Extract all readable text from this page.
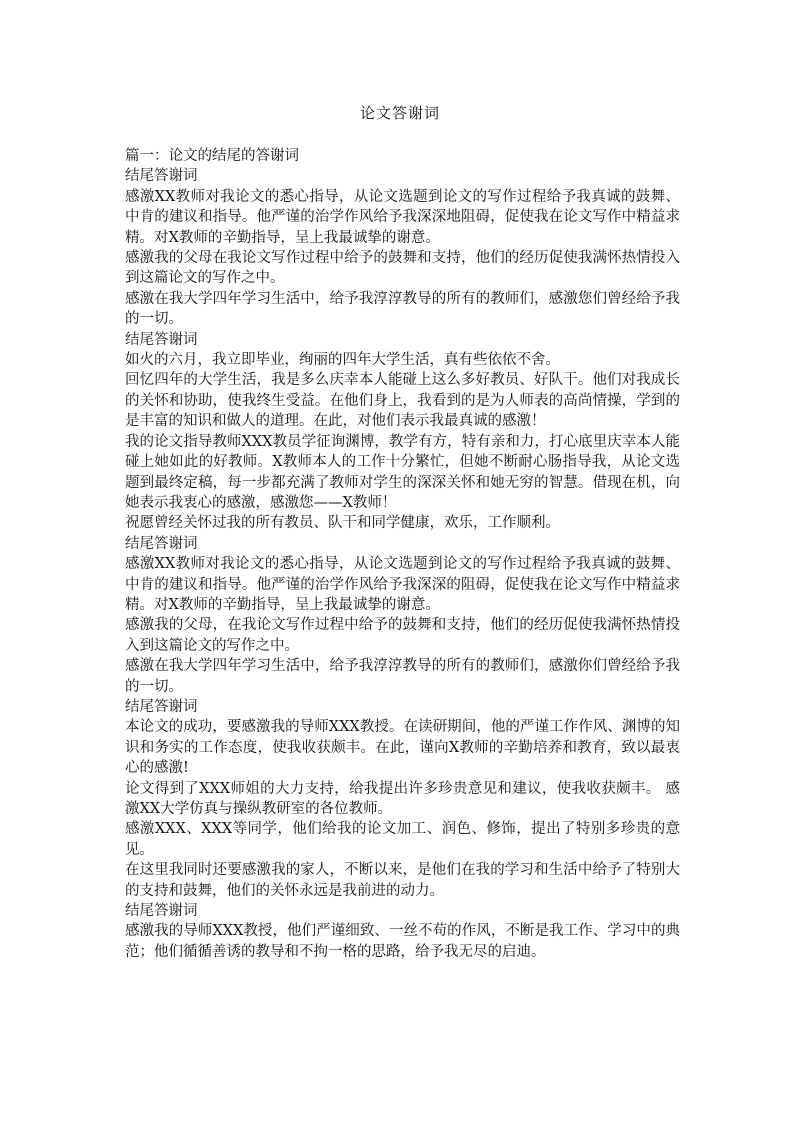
论文答谢词

篇一：论文的结尾的答谢词

结尾答谢词

感激XX教师对我论文的悉心指导，从论文选题到论文的写作过程给予我真诚的鼓舞、中肯的建议和指导。他严谨的治学作风给予我深深地阻碍，促使我在论文写作中精益求精。对X教师的辛勤指导，呈上我最诚挚的谢意。

感激我的父母在我论文写作过程中给予的鼓舞和支持，他们的经历促使我满怀热情投入到这篇论文的写作之中。

感激在我大学四年学习生活中，给予我淳淳教导的所有的教师们，感激您们曾经给予我的一切。

结尾答谢词

如火的六月，我立即毕业，绚丽的四年大学生活，真有些依依不舍。

回忆四年的大学生活，我是多么庆幸本人能碰上这么多好教员、好队干。他们对我成长的关怀和协助，使我终生受益。在他们身上，我看到的是为人师表的高尚情操，学到的是丰富的知识和做人的道理。在此，对他们表示我最真诚的感激！

我的论文指导教师XXX教员学征询渊博，教学有方，特有亲和力，打心底里庆幸本人能碰上她如此的好教师。X教师本人的工作十分繁忙，但她不断耐心肠指导我，从论文选题到最终定稿，每一步都充满了教师对学生的深深关怀和她无穷的智慧。借现在机，向她表示我衷心的感激，感激您——X教师！

祝愿曾经关怀过我的所有教员、队干和同学健康，欢乐，工作顺利。

结尾答谢词

感激XX教师对我论文的悉心指导，从论文选题到论文的写作过程给予我真诚的鼓舞、中肯的建议和指导。他严谨的治学作风给予我深深的阻碍，促使我在论文写作中精益求精。对X教师的辛勤指导，呈上我最诚挚的谢意。

感激我的父母，在我论文写作过程中给予的鼓舞和支持，他们的经历促使我满怀热情投入到这篇论文的写作之中。

感激在我大学四年学习生活中，给予我淳淳教导的所有的教师们，感激你们曾经给予我的一切。

结尾答谢词

本论文的成功，要感激我的导师XXX教授。在读研期间，他的严谨工作作风、渊博的知识和务实的工作态度，使我收获颇丰。在此，谨向X教师的辛勤培养和教育，致以最衷心的感激!

论文得到了XXX师姐的大力支持，给我提出许多珍贵意见和建议，使我收获颇丰。 感激XX大学仿真与操纵教研室的各位教师。

感激XXX、XXX等同学，他们给我的论文加工、润色、修饰，提出了特别多珍贵的意见。

在这里我同时还要感激我的家人，不断以来，是他们在我的学习和生活中给予了特别大的支持和鼓舞，他们的关怀永远是我前进的动力。

结尾答谢词

感激我的导师XXX教授，他们严谨细致、一丝不苟的作风，不断是我工作、学习中的典范；他们循循善诱的教导和不拘一格的思路，给予我无尽的启迪。
